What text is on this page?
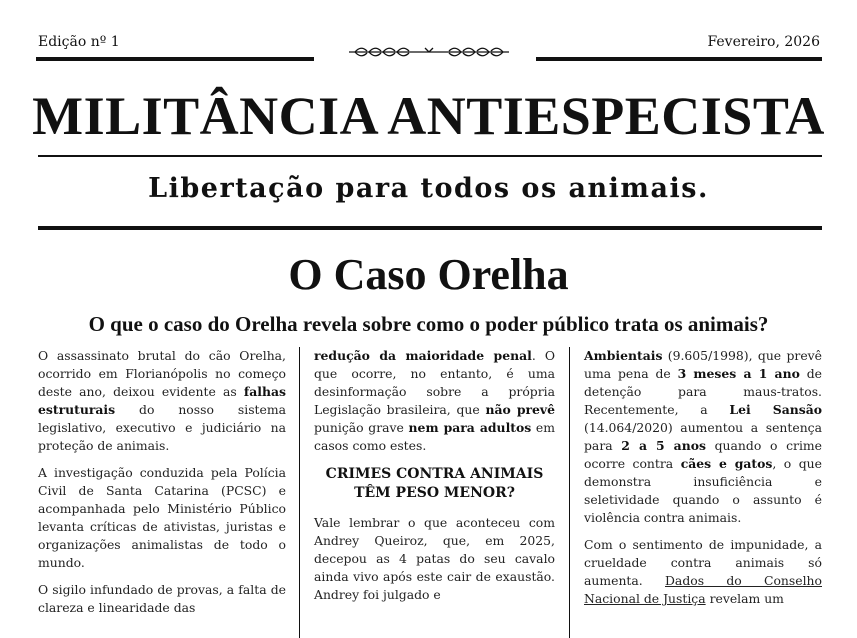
Edição nº 1	Fevereiro, 2026
MILITÂNCIA ANTIESPECISTA
Libertação para todos os animais.
O Caso Orelha
O que o caso do Orelha revela sobre como o poder público trata os animais?

O assassinato brutal do cão Orelha, ocorrido em Florianópolis no começo deste ano, deixou evidente as falhas estruturais do nosso sistema legislativo, executivo e judiciário na proteção de animais.

A investigação conduzida pela Polícia Civil de Santa Catarina (PCSC) e acompanhada pelo Ministério Público levanta críticas de ativistas, juristas e organizações animalistas de todo o mundo.

O sigilo infundado de provas, a falta de clareza e linearidade das

redução da maioridade penal. O que ocorre, no entanto, é uma desinformação sobre a própria Legislação brasileira, que não prevê punição grave nem para adultos em casos como estes.

CRIMES CONTRA ANIMAIS TÊM PESO MENOR?

Vale lembrar o que aconteceu com Andrey Queiroz, que, em 2025, decepou as 4 patas do seu cavalo ainda vivo após este cair de exaustão. Andrey foi julgado e

Ambientais (9.605/1998), que prevê uma pena de 3 meses a 1 ano de detenção para maus-tratos. Recentemente, a Lei Sansão (14.064/2020) aumentou a sentença para 2 a 5 anos quando o crime ocorre contra cães e gatos, o que demonstra insuficiência e seletividade quando o assunto é violência contra animais.

Com o sentimento de impunidade, a crueldade contra animais só aumenta. Dados do Conselho Nacional de Justiça revelam um
